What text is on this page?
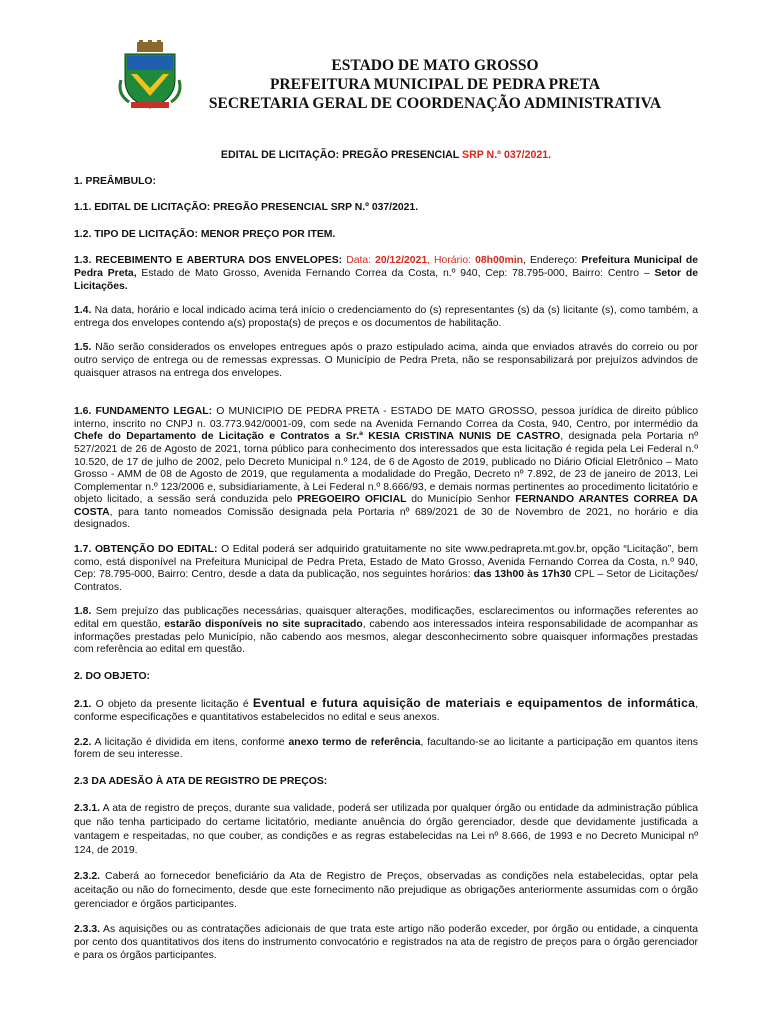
ESTADO DE MATO GROSSO
PREFEITURA MUNICIPAL DE PEDRA PRETA
SECRETARIA GERAL DE COORDENAÇÃO ADMINISTRATIVA

EDITAL DE LICITAÇÃO: PREGÃO PRESENCIAL SRP N.º 037/2021.

1. PREÂMBULO:

1.1. EDITAL DE LICITAÇÃO: PREGÃO PRESENCIAL SRP N.º 037/2021.

1.2. TIPO DE LICITAÇÃO: MENOR PREÇO POR ITEM.

1.3. RECEBIMENTO E ABERTURA DOS ENVELOPES: Data: 20/12/2021, Horário: 08h00min, Endereço: Prefeitura Municipal de Pedra Preta, Estado de Mato Grosso, Avenida Fernando Correa da Costa, n.º 940, Cep: 78.795-000, Bairro: Centro – Setor de Licitações.

1.4. Na data, horário e local indicado acima terá início o credenciamento do (s) representantes (s) da (s) licitante (s), como também, a entrega dos envelopes contendo a(s) proposta(s) de preços e os documentos de habilitação.

1.5. Não serão considerados os envelopes entregues após o prazo estipulado acima, ainda que enviados através do correio ou por outro serviço de entrega ou de remessas expressas. O Município de Pedra Preta, não se responsabilizará por prejuízos advindos de quaisquer atrasos na entrega dos envelopes.

1.6. FUNDAMENTO LEGAL: O MUNICIPIO DE PEDRA PRETA - ESTADO DE MATO GROSSO, pessoa jurídica de direito público interno, inscrito no CNPJ n. 03.773.942/0001-09, com sede na Avenida Fernando Correa da Costa, 940, Centro, por intermédio da Chefe do Departamento de Licitação e Contratos a Sr.ª KESIA CRISTINA NUNIS DE CASTRO, designada pela Portaria nº 527/2021 de 26 de Agosto de 2021, torna público para conhecimento dos interessados que esta licitação é regida pela Lei Federal n.º 10.520, de 17 de julho de 2002, pelo Decreto Municipal n.º 124, de 6 de Agosto de 2019, publicado no Diário Oficial Eletrônico – Mato Grosso - AMM de 08 de Agosto de 2019, que regulamenta a modalidade do Pregão, Decreto nº 7.892, de 23 de janeiro de 2013, Lei Complementar n.º 123/2006 e, subsidiariamente, à Lei Federal n.º 8.666/93, e demais normas pertinentes ao procedimento licitatório e objeto licitado, a sessão será conduzida pelo PREGOEIRO OFICIAL do Município Senhor FERNANDO ARANTES CORREA DA COSTA, para tanto nomeados Comissão designada pela Portaria nº 689/2021 de 30 de Novembro de 2021, no horário e dia designados.

1.7. OBTENÇÃO DO EDITAL: O Edital poderá ser adquirido gratuitamente no site www.pedrapreta.mt.gov.br, opção “Licitação”, bem como, está disponível na Prefeitura Municipal de Pedra Preta, Estado de Mato Grosso, Avenida Fernando Correa da Costa, n.º 940, Cep: 78.795-000, Bairro: Centro, desde a data da publicação, nos seguintes horários: das 13h00 às 17h30 CPL – Setor de Licitações/ Contratos.

1.8. Sem prejuízo das publicações necessárias, quaisquer alterações, modificações, esclarecimentos ou informações referentes ao edital em questão, estarão disponíveis no site supracitado, cabendo aos interessados inteira responsabilidade de acompanhar as informações prestadas pelo Município, não cabendo aos mesmos, alegar desconhecimento sobre quaisquer informações prestadas com referência ao edital em questão.

2. DO OBJETO:

2.1. O objeto da presente licitação é Eventual e futura aquisição de materiais e equipamentos de informática, conforme especificações e quantitativos estabelecidos no edital e seus anexos.

2.2. A licitação é dividida em itens, conforme anexo termo de referência, facultando-se ao licitante a participação em quantos itens forem de seu interesse.

2.3 DA ADESÃO À ATA DE REGISTRO DE PREÇOS:

2.3.1. A ata de registro de preços, durante sua validade, poderá ser utilizada por qualquer órgão ou entidade da administração pública que não tenha participado do certame licitatório, mediante anuência do órgão gerenciador, desde que devidamente justificada a vantagem e respeitadas, no que couber, as condições e as regras estabelecidas na Lei nº 8.666, de 1993 e no Decreto Municipal nº 124, de 2019.

2.3.2. Caberá ao fornecedor beneficiário da Ata de Registro de Preços, observadas as condições nela estabelecidas, optar pela aceitação ou não do fornecimento, desde que este fornecimento não prejudique as obrigações anteriormente assumidas com o órgão gerenciador e órgãos participantes.

2.3.3. As aquisições ou as contratações adicionais de que trata este artigo não poderão exceder, por órgão ou entidade, a cinquenta por cento dos quantitativos dos itens do instrumento convocatório e registrados na ata de registro de preços para o órgão gerenciador e para os órgãos participantes.
